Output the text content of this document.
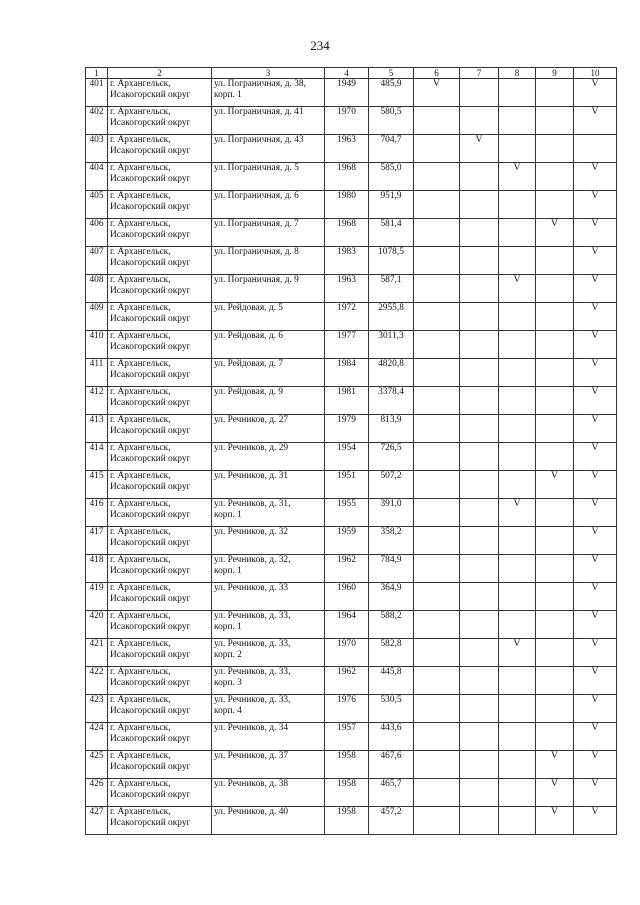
234
1	2	3	4	5	6	7	8	9	10
401	г. Архангельск,
Исакогорский округ	ул. Пограничная, д. 38,
корп. 1	1949	485,9	V				V
402	г. Архангельск,
Исакогорский округ	ул. Пограничная, д. 41	1970	580,5					V
403	г. Архангельск,
Исакогорский округ	ул. Пограничная, д. 43	1963	704,7		V			
404	г. Архангельск,
Исакогорский округ	ул. Пограничная, д. 5	1968	585,0			V		V
405	г. Архангельск,
Исакогорский округ	ул. Пограничная, д. 6	1980	951,9					V
406	г. Архангельск,
Исакогорский округ	ул. Пограничная, д. 7	1968	581,4				V	V
407	г. Архангельск,
Исакогорский округ	ул. Пограничная, д. 8	1983	1078,5					V
408	г. Архангельск,
Исакогорский округ	ул. Пограничная, д. 9	1963	587,1			V		V
409	г. Архангельск,
Исакогорский округ	ул. Рейдовая, д. 5	1972	2955,8					V
410	г. Архангельск,
Исакогорский округ	ул. Рейдовая, д. 6	1977	3011,3					V
411	г. Архангельск,
Исакогорский округ	ул. Рейдовая, д. 7	1984	4820,8					V
412	г. Архангельск,
Исакогорский округ	ул. Рейдовая, д. 9	1981	3378,4					V
413	г. Архангельск,
Исакогорский округ	ул. Речников, д. 27	1979	813,9					V
414	г. Архангельск,
Исакогорский округ	ул. Речников, д. 29	1954	726,5					V
415	г. Архангельск,
Исакогорский округ	ул. Речников, д. 31	1951	507,2				V	V
416	г. Архангельск,
Исакогорский округ	ул. Речников, д. 31,
корп. 1	1955	391,0			V		V
417	г. Архангельск,
Исакогорский округ	ул. Речников, д. 32	1959	358,2					V
418	г. Архангельск,
Исакогорский округ	ул. Речников, д. 32,
корп. 1	1962	784,9					V
419	г. Архангельск,
Исакогорский округ	ул. Речников, д. 33	1960	364,9					V
420	г. Архангельск,
Исакогорский округ	ул. Речников, д. 33,
корп. 1	1964	588,2					V
421	г. Архангельск,
Исакогорский округ	ул. Речников, д. 33,
корп. 2	1970	582,8			V		V
422	г. Архангельск,
Исакогорский округ	ул. Речников, д. 33,
корп. 3	1962	445,8					V
423	г. Архангельск,
Исакогорский округ	ул. Речников, д. 33,
корп. 4	1976	530,5					V
424	г. Архангельск,
Исакогорский округ	ул. Речников, д. 34	1957	443,6					V
425	г. Архангельск,
Исакогорский округ	ул. Речников, д. 37	1958	467,6				V	V
426	г. Архангельск,
Исакогорский округ	ул. Речников, д. 38	1958	465,7				V	V
427	г. Архангельск,
Исакогорский округ	ул. Речников, д. 40	1958	457,2				V	V
